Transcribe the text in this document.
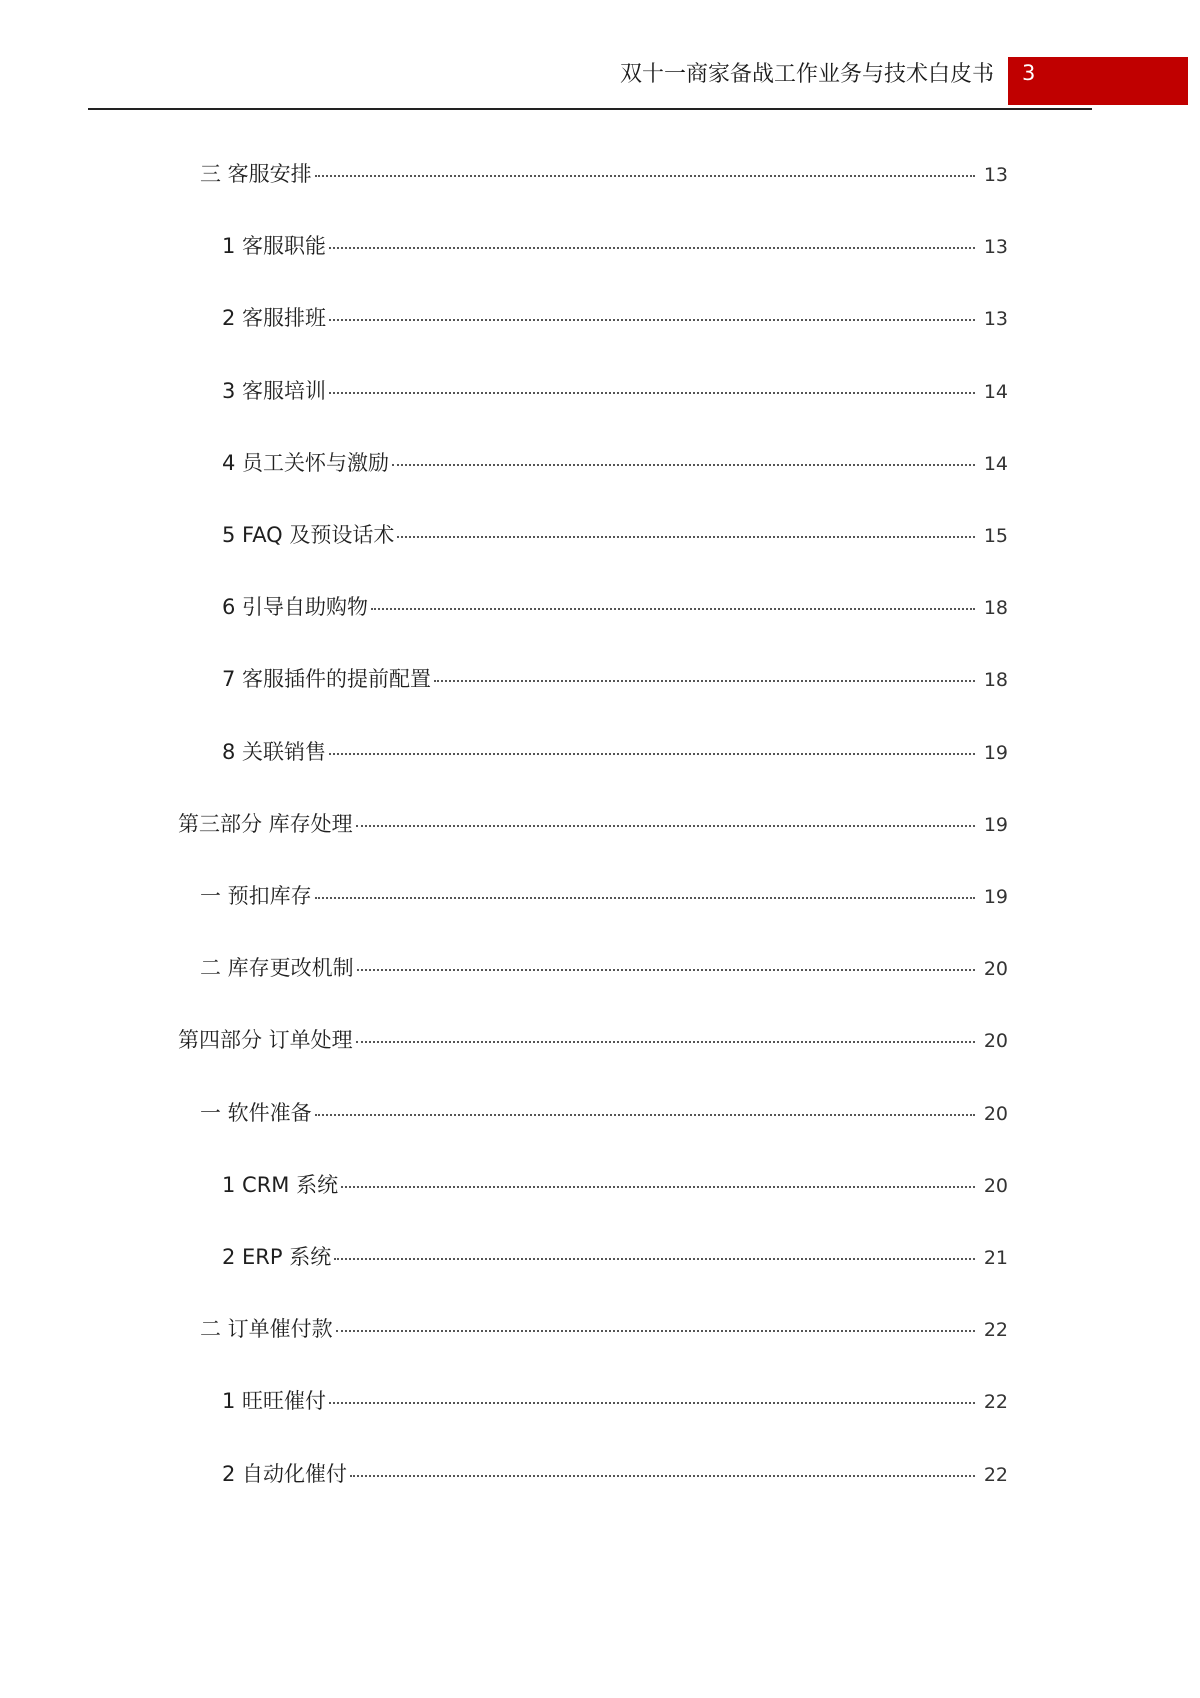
双十一商家备战工作业务与技术白皮书	3
三 客服安排	13
1 客服职能	13
2 客服排班	13
3 客服培训	14
4 员工关怀与激励	14
5 FAQ 及预设话术	15
6 引导自助购物	18
7 客服插件的提前配置	18
8 关联销售	19
第三部分 库存处理	19
一 预扣库存	19
二 库存更改机制	20
第四部分 订单处理	20
一 软件准备	20
1 CRM 系统	20
2 ERP 系统	21
二 订单催付款	22
1 旺旺催付	22
2 自动化催付	22
